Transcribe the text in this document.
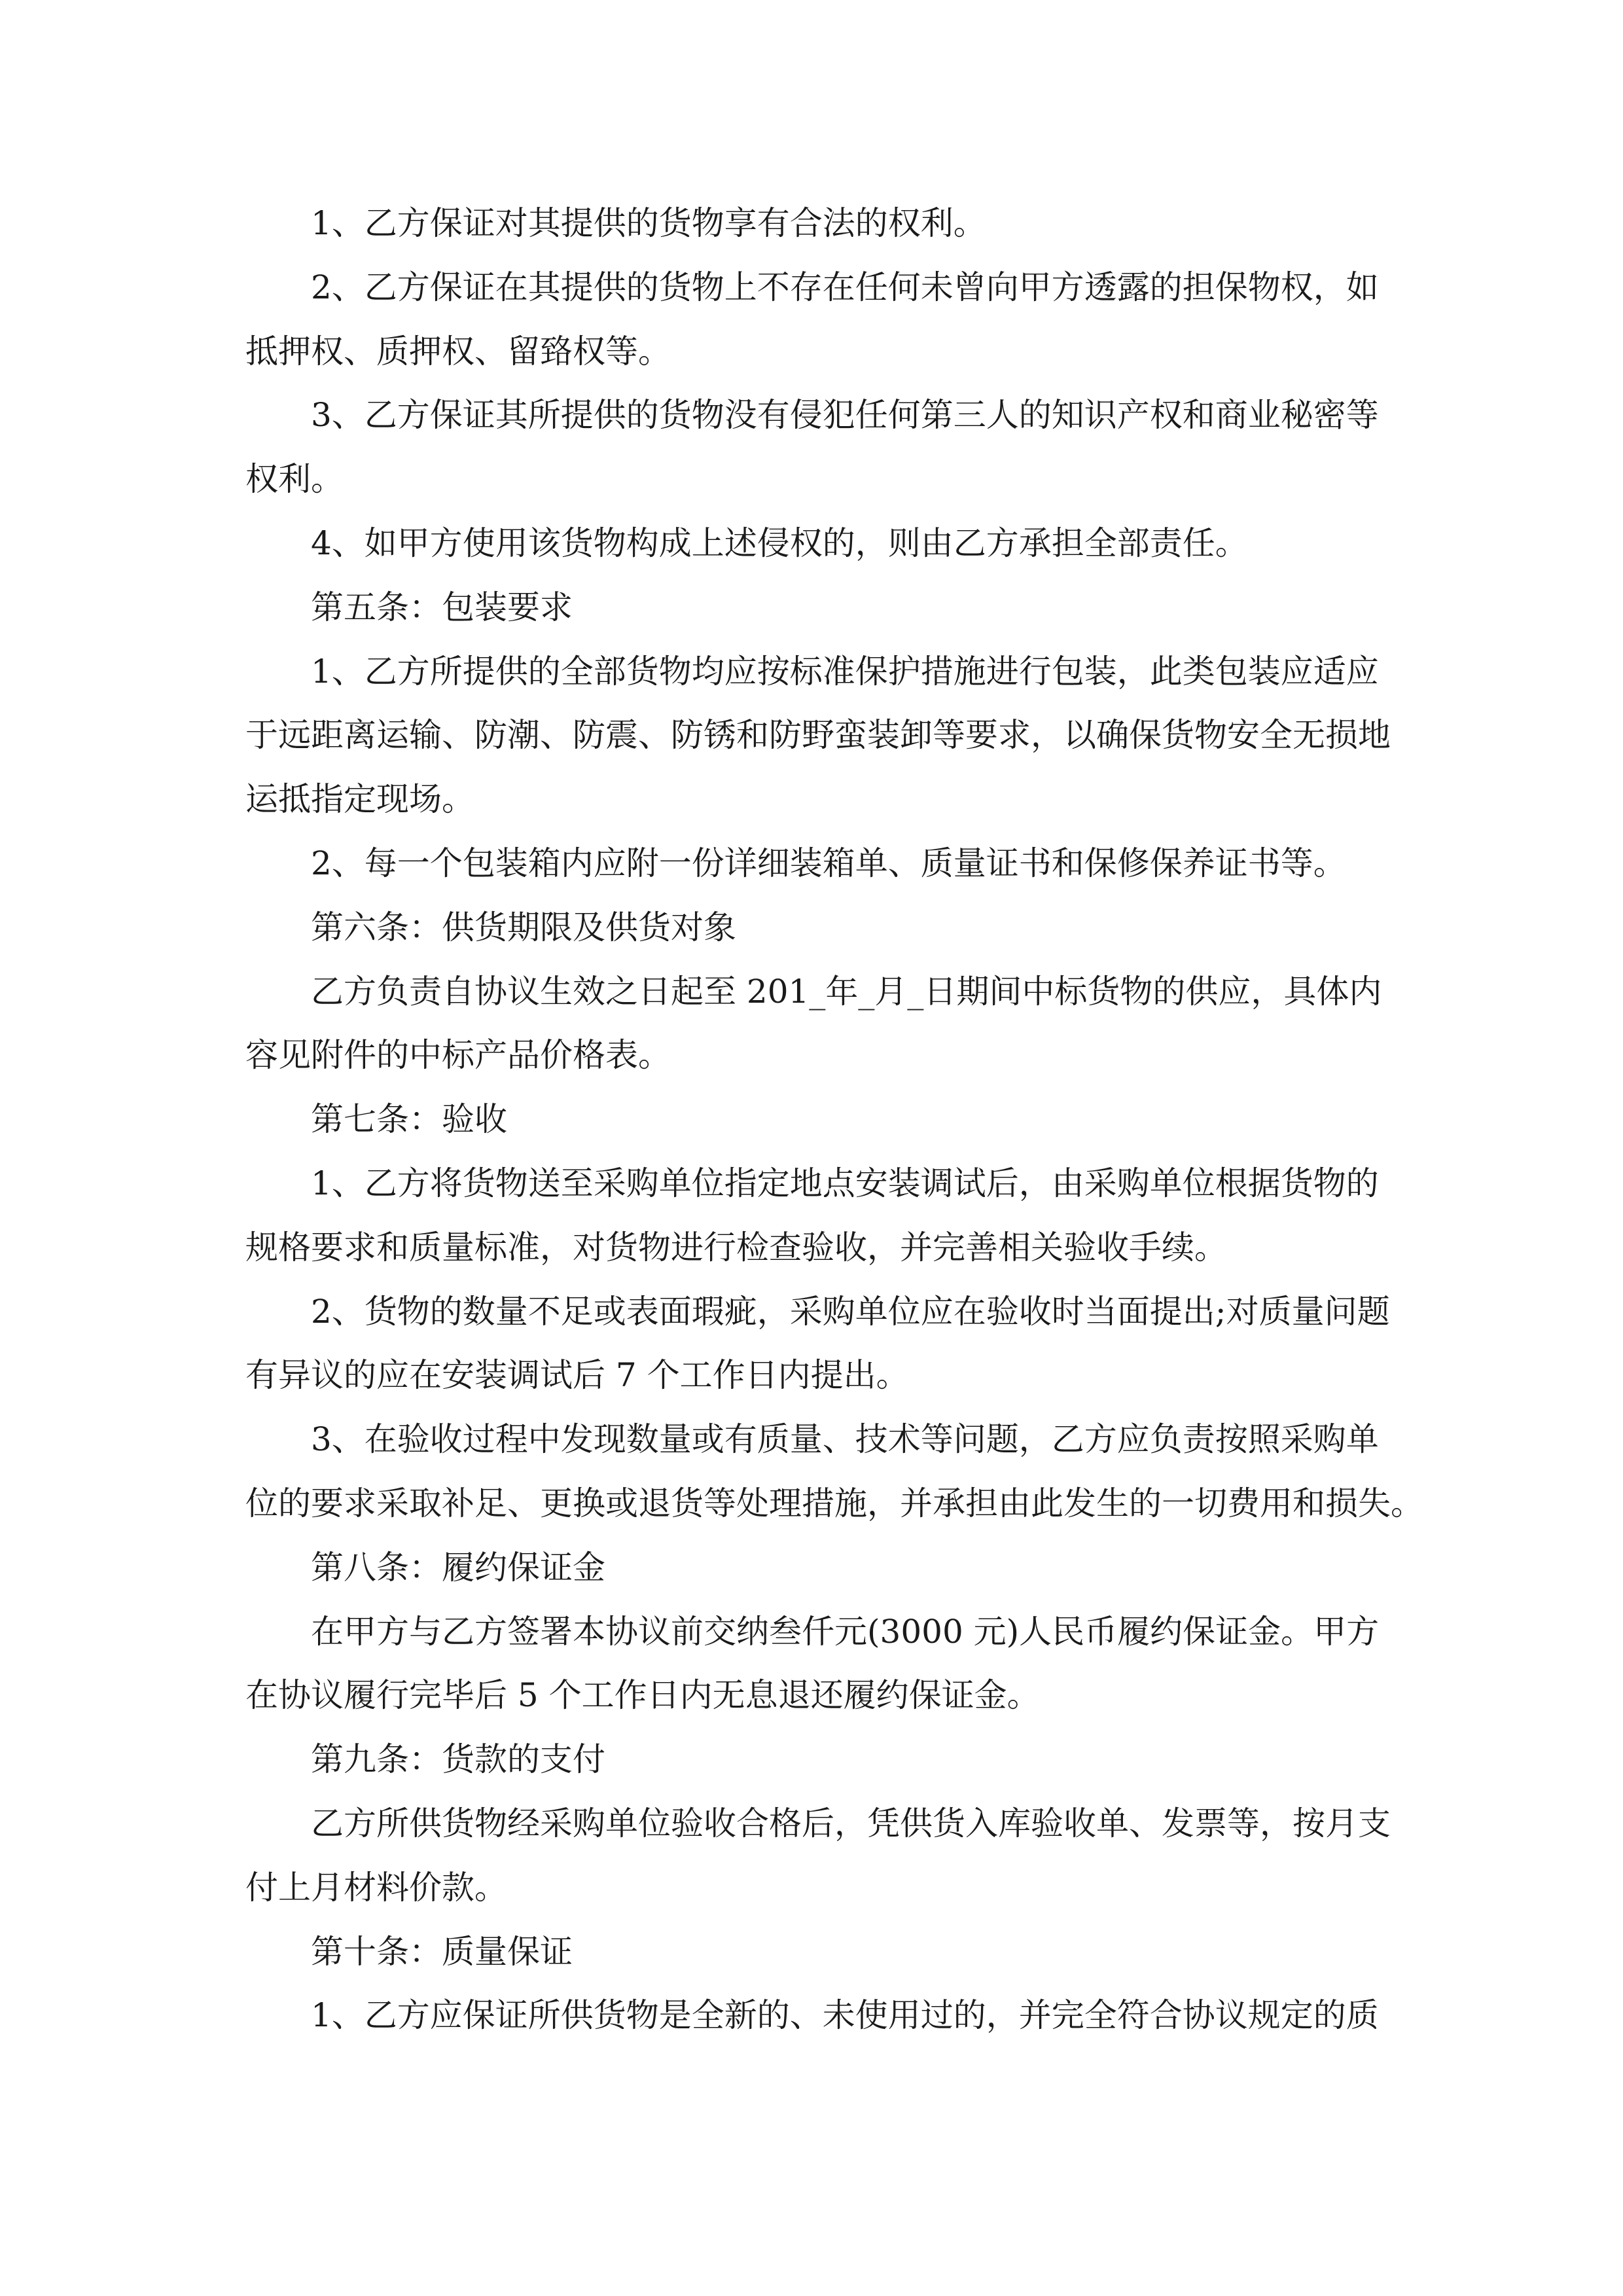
1、乙方保证对其提供的货物享有合法的权利。
2、乙方保证在其提供的货物上不存在任何未曾向甲方透露的担保物权，如
抵押权、质押权、留臵权等。
3、乙方保证其所提供的货物没有侵犯任何第三人的知识产权和商业秘密等
权利。
4、如甲方使用该货物构成上述侵权的，则由乙方承担全部责任。
第五条：包装要求
1、乙方所提供的全部货物均应按标准保护措施进行包装，此类包装应适应
于远距离运输、防潮、防震、防锈和防野蛮装卸等要求，以确保货物安全无损地
运抵指定现场。
2、每一个包装箱内应附一份详细装箱单、质量证书和保修保养证书等。
第六条：供货期限及供货对象
乙方负责自协议生效之日起至 201_年_月_日期间中标货物的供应，具体内
容见附件的中标产品价格表。
第七条：验收
1、乙方将货物送至采购单位指定地点安装调试后，由采购单位根据货物的
规格要求和质量标准，对货物进行检查验收，并完善相关验收手续。
2、货物的数量不足或表面瑕疵，采购单位应在验收时当面提出;对质量问题
有异议的应在安装调试后 7 个工作日内提出。
3、在验收过程中发现数量或有质量、技术等问题，乙方应负责按照采购单
位的要求采取补足、更换或退货等处理措施，并承担由此发生的一切费用和损失。
第八条：履约保证金
在甲方与乙方签署本协议前交纳叁仟元(3000 元)人民币履约保证金。甲方
在协议履行完毕后 5 个工作日内无息退还履约保证金。
第九条：货款的支付
乙方所供货物经采购单位验收合格后，凭供货入库验收单、发票等，按月支
付上月材料价款。
第十条：质量保证
1、乙方应保证所供货物是全新的、未使用过的，并完全符合协议规定的质
